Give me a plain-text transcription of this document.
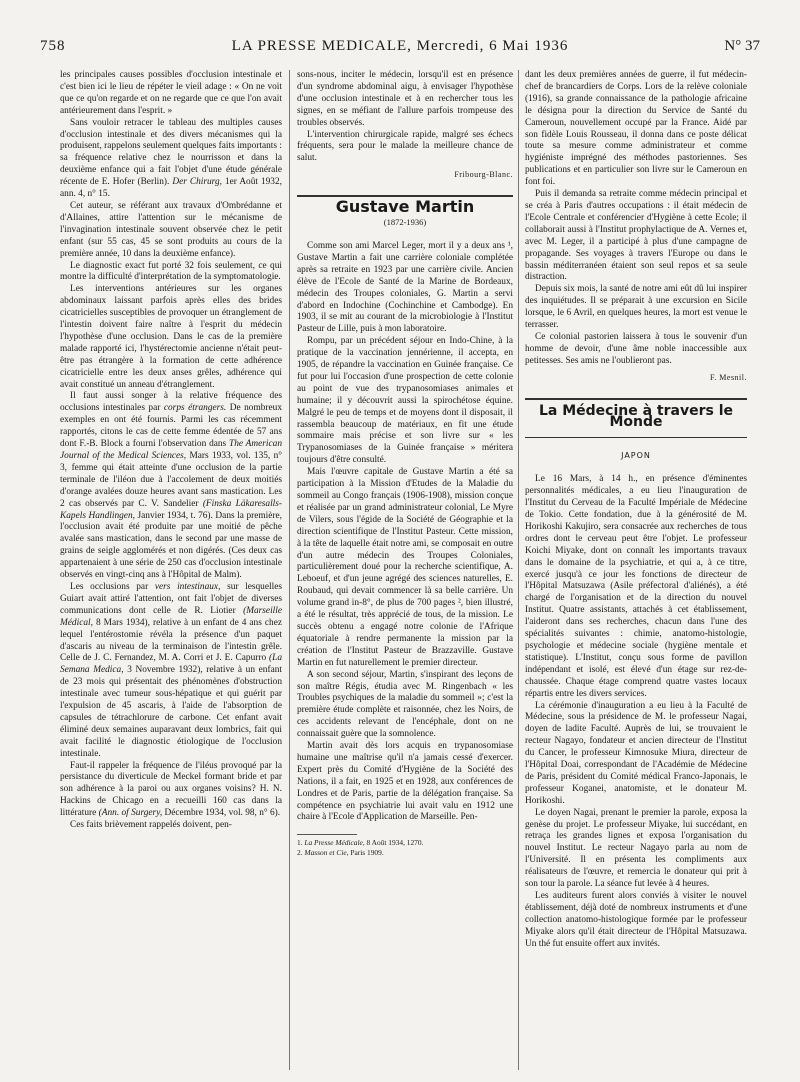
758	LA PRESSE MEDICALE, Mercredi, 6 Mai 1936	N° 37

les principales causes possibles d'occlusion intestinale et c'est bien ici le lieu de répéter le vieil adage : « On ne voit que ce qu'on regarde et on ne regarde que ce que l'on avait antérieurement dans l'esprit. »

Sans vouloir retracer le tableau des multiples causes d'occlusion intestinale et des divers mécanismes qui la produisent, rappelons seulement quelques faits importants : sa fréquence relative chez le nourrisson et dans la deuxième enfance qui a fait l'objet d'une étude générale récente de E. Hofer (Berlin). Der Chirurg, 1er Août 1932, ann. 4, n° 15.

Cet auteur, se référant aux travaux d'Ombrédanne et d'Allaines, attire l'attention sur le mécanisme de l'invagination intestinale souvent observée chez le petit enfant (sur 55 cas, 45 se sont produits au cours de la première année, 10 dans la deuxième enfance).

Le diagnostic exact fut porté 32 fois seulement, ce qui montre la difficulté d'interprétation de la symptomatologie.

Les interventions antérieures sur les organes abdominaux laissant parfois après elles des brides cicatricielles susceptibles de provoquer un étranglement de l'intestin doivent faire naître à l'esprit du médecin l'hypothèse d'une occlusion. Dans le cas de la première malade rapporté ici, l'hystérectomie ancienne n'était peut-être pas étrangère à la formation de cette adhérence cicatricielle entre les deux anses grêles, adhérence qui avait constitué un anneau d'étranglement.

Il faut aussi songer à la relative fréquence des occlusions intestinales par corps étrangers. De nombreux exemples en ont été fournis. Parmi les cas récemment rapportés, citons le cas de cette femme édentée de 57 ans dont F.-B. Block a fourni l'observation dans The American Journal of the Medical Sciences, Mars 1933, vol. 135, n° 3, femme qui était atteinte d'une occlusion de la partie terminale de l'iléon due à l'accolement de deux moitiés d'orange avalées douze heures avant sans mastication. Les 2 cas observés par C. V. Sandelier (Finska Läkaresalls-Kapels Handlingen, Janvier 1934, t. 76). Dans la première, l'occlusion avait été produite par une moitié de pêche avalée sans mastication, dans le second par une masse de grains de seigle agglomérés et non digérés. (Ces deux cas appartenaient à une série de 250 cas d'occlusion intestinale observés en vingt-cinq ans à l'Hôpital de Malm).

Les occlusions par vers intestinaux, sur lesquelles Guiart avait attiré l'attention, ont fait l'objet de diverses communications dont celle de R. Liotier (Marseille Médical, 8 Mars 1934), relative à un enfant de 4 ans chez lequel l'entérostomie révéla la présence d'un paquet d'ascaris au niveau de la terminaison de l'intestin grêle. Celle de J. C. Fernandez, M. A. Corri et J. E. Capurro (La Semana Medica, 3 Novembre 1932), relative à un enfant de 23 mois qui présentait des phénomènes d'obstruction intestinale avec tumeur sous-hépatique et qui guérit par l'expulsion de 45 ascaris, à l'aide de l'absorption de capsules de tétrachlorure de carbone. Cet enfant avait éliminé deux semaines auparavant deux lombrics, fait qui avait facilité le diagnostic étiologique de l'occlusion intestinale.

Faut-il rappeler la fréquence de l'iléus provoqué par la persistance du diverticule de Meckel formant bride et par son adhérence à la paroi ou aux organes voisins? H. N. Hackins de Chicago en a recueilli 160 cas dans la littérature (Ann. of Surgery, Décembre 1934, vol. 98, n° 6).

Ces faits brièvement rappelés doivent, pen-

sons-nous, inciter le médecin, lorsqu'il est en présence d'un syndrome abdominal aigu, à envisager l'hypothèse d'une occlusion intestinale et à en rechercher tous les signes, en se méfiant de l'allure parfois trompeuse des troubles observés.

L'intervention chirurgicale rapide, malgré ses échecs fréquents, sera pour le malade la meilleure chance de salut.

Fribourg-Blanc.
Gustave Martin
(1872-1936)

Comme son ami Marcel Leger, mort il y a deux ans ¹, Gustave Martin a fait une carrière coloniale complétée après sa retraite en 1923 par une carrière civile. Ancien élève de l'Ecole de Santé de la Marine de Bordeaux, médecin des Troupes coloniales, G. Martin a servi d'abord en Indochine (Cochinchine et Cambodge). En 1903, il se mit au courant de la microbiologie à l'Institut Pasteur de Lille, puis à mon laboratoire.

Rompu, par un précédent séjour en Indo-Chine, à la pratique de la vaccination jennérienne, il accepta, en 1905, de répandre la vaccination en Guinée française. Ce fut pour lui l'occasion d'une prospection de cette colonie au point de vue des trypanosomiases animales et humaine; il y découvrit aussi la spirochétose équine. Malgré le peu de temps et de moyens dont il disposait, il rassembla beaucoup de matériaux, en fit une étude sommaire mais précise et son livre sur « les Trypanosomiases de la Guinée française » méritera toujours d'être consulté.

Mais l'œuvre capitale de Gustave Martin a été sa participation à la Mission d'Etudes de la Maladie du sommeil au Congo français (1906-1908), mission conçue et réalisée par un grand administrateur colonial, Le Myre de Vilers, sous l'égide de la Société de Géographie et la direction scientifique de l'Institut Pasteur. Cette mission, à la tête de laquelle était notre ami, se composait en outre d'un autre médecin des Troupes Coloniales, particulièrement doué pour la recherche scientifique, A. Leboeuf, et d'un jeune agrégé des sciences naturelles, E. Roubaud, qui devait commencer là sa belle carrière. Un volume grand in-8°, de plus de 700 pages ², bien illustré, a été le résultat, très apprécié de tous, de la mission. Le succès obtenu a engagé notre colonie de l'Afrique équatoriale à rendre permanente la mission par la création de l'Institut Pasteur de Brazzaville. Gustave Martin en fut naturellement le premier directeur.

A son second séjour, Martin, s'inspirant des leçons de son maître Régis, étudia avec M. Ringenbach « les Troubles psychiques de la maladie du sommeil »; c'est la première étude complète et raisonnée, chez les Noirs, de ces accidents relevant de l'encéphale, dont on ne connaissait guère que la somnolence.

Martin avait dès lors acquis en trypanosomiase humaine une maîtrise qu'il n'a jamais cessé d'exercer. Expert près du Comité d'Hygiène de la Société des Nations, il a fait, en 1925 et en 1928, aux conférences de Londres et de Paris, partie de la délégation française. Sa compétence en psychiatrie lui avait valu en 1912 une chaire à l'Ecole d'Application de Marseille. Pen-

1. La Presse Médicale, 8 Août 1934, 1270.

2. Masson et Cie, Paris 1909.

dant les deux premières années de guerre, il fut médecin-chef de brancardiers de Corps. Lors de la relève coloniale (1916), sa grande connaissance de la pathologie africaine le désigna pour la direction du Service de Santé du Cameroun, nouvellement occupé par la France. Aidé par son fidèle Louis Rousseau, il donna dans ce poste délicat toute sa mesure comme administrateur et comme hygiéniste imprégné des méthodes pastoriennes. Ses publications et en particulier son livre sur le Cameroun en font foi.

Puis il demanda sa retraite comme médecin principal et se créa à Paris d'autres occupations : il était médecin de l'Ecole Centrale et conférencier d'Hygiène à cette Ecole; il collaborait aussi à l'Institut prophylactique de A. Vernes et, avec M. Leger, il a participé à plus d'une campagne de propagande. Ses voyages à travers l'Europe ou dans le bassin méditerranéen étaient son seul repos et sa seule distraction.

Depuis six mois, la santé de notre ami eût dû lui inspirer des inquiétudes. Il se préparait à une excursion en Sicile lorsque, le 6 Avril, en quelques heures, la mort est venue le terrasser.

Ce colonial pastorien laissera à tous le souvenir d'un homme de devoir, d'une âme noble inaccessible aux petitesses. Ses amis ne l'oublieront pas.

F. Mesnil.
La Médecine à travers le Monde
JAPON

Le 16 Mars, à 14 h., en présence d'éminentes personnalités médicales, a eu lieu l'inauguration de l'Institut du Cerveau de la Faculté Impériale de Médecine de Tokio. Cette fondation, due à la générosité de M. Horikoshi Kakujiro, sera consacrée aux recherches de tous ordres dont le cerveau peut être l'objet. Le professeur Koichi Miyake, dont on connaît les importants travaux dans le domaine de la psychiatrie, et qui a, à ce titre, exercé jusqu'à ce jour les fonctions de directeur de l'Hôpital Matsuzawa (Asile préfectoral d'aliénés), a été chargé de l'organisation et de la direction du nouvel Institut. Quatre assistants, attachés à cet établissement, l'aideront dans ses recherches, chacun dans l'une des spécialités suivantes : chimie, anatomo-histologie, psychologie et médecine sociale (hygiène mentale et statistique). L'Institut, conçu sous forme de pavillon indépendant et isolé, est élevé d'un étage sur rez-de-chaussée. Chaque étage comprend quatre vastes locaux répartis entre les divers services.

La cérémonie d'inauguration a eu lieu à la Faculté de Médecine, sous la présidence de M. le professeur Nagai, doyen de ladite Faculté. Auprès de lui, se trouvaient le recteur Nagayo, fondateur et ancien directeur de l'Institut du Cancer, le professeur Kimnosuke Miura, directeur de l'Hôpital Doai, correspondant de l'Académie de Médecine de Paris, président du Comité médical Franco-Japonais, le professeur Koganei, anatomiste, et le donateur M. Horikoshi.

Le doyen Nagai, prenant le premier la parole, exposa la genèse du projet. Le professeur Miyake, lui succédant, en retraça les grandes lignes et exposa l'organisation du nouvel Institut. Le recteur Nagayo parla au nom de l'Université. Il en présenta les compliments aux réalisateurs de l'œuvre, et remercia le donateur qui prit à son tour la parole. La séance fut levée à 4 heures.

Les auditeurs furent alors conviés à visiter le nouvel établissement, déjà doté de nombreux instruments et d'une collection anatomo-histologique formée par le professeur Miyake alors qu'il était directeur de l'Hôpital Matsuzawa. Un thé fut ensuite offert aux invités.
